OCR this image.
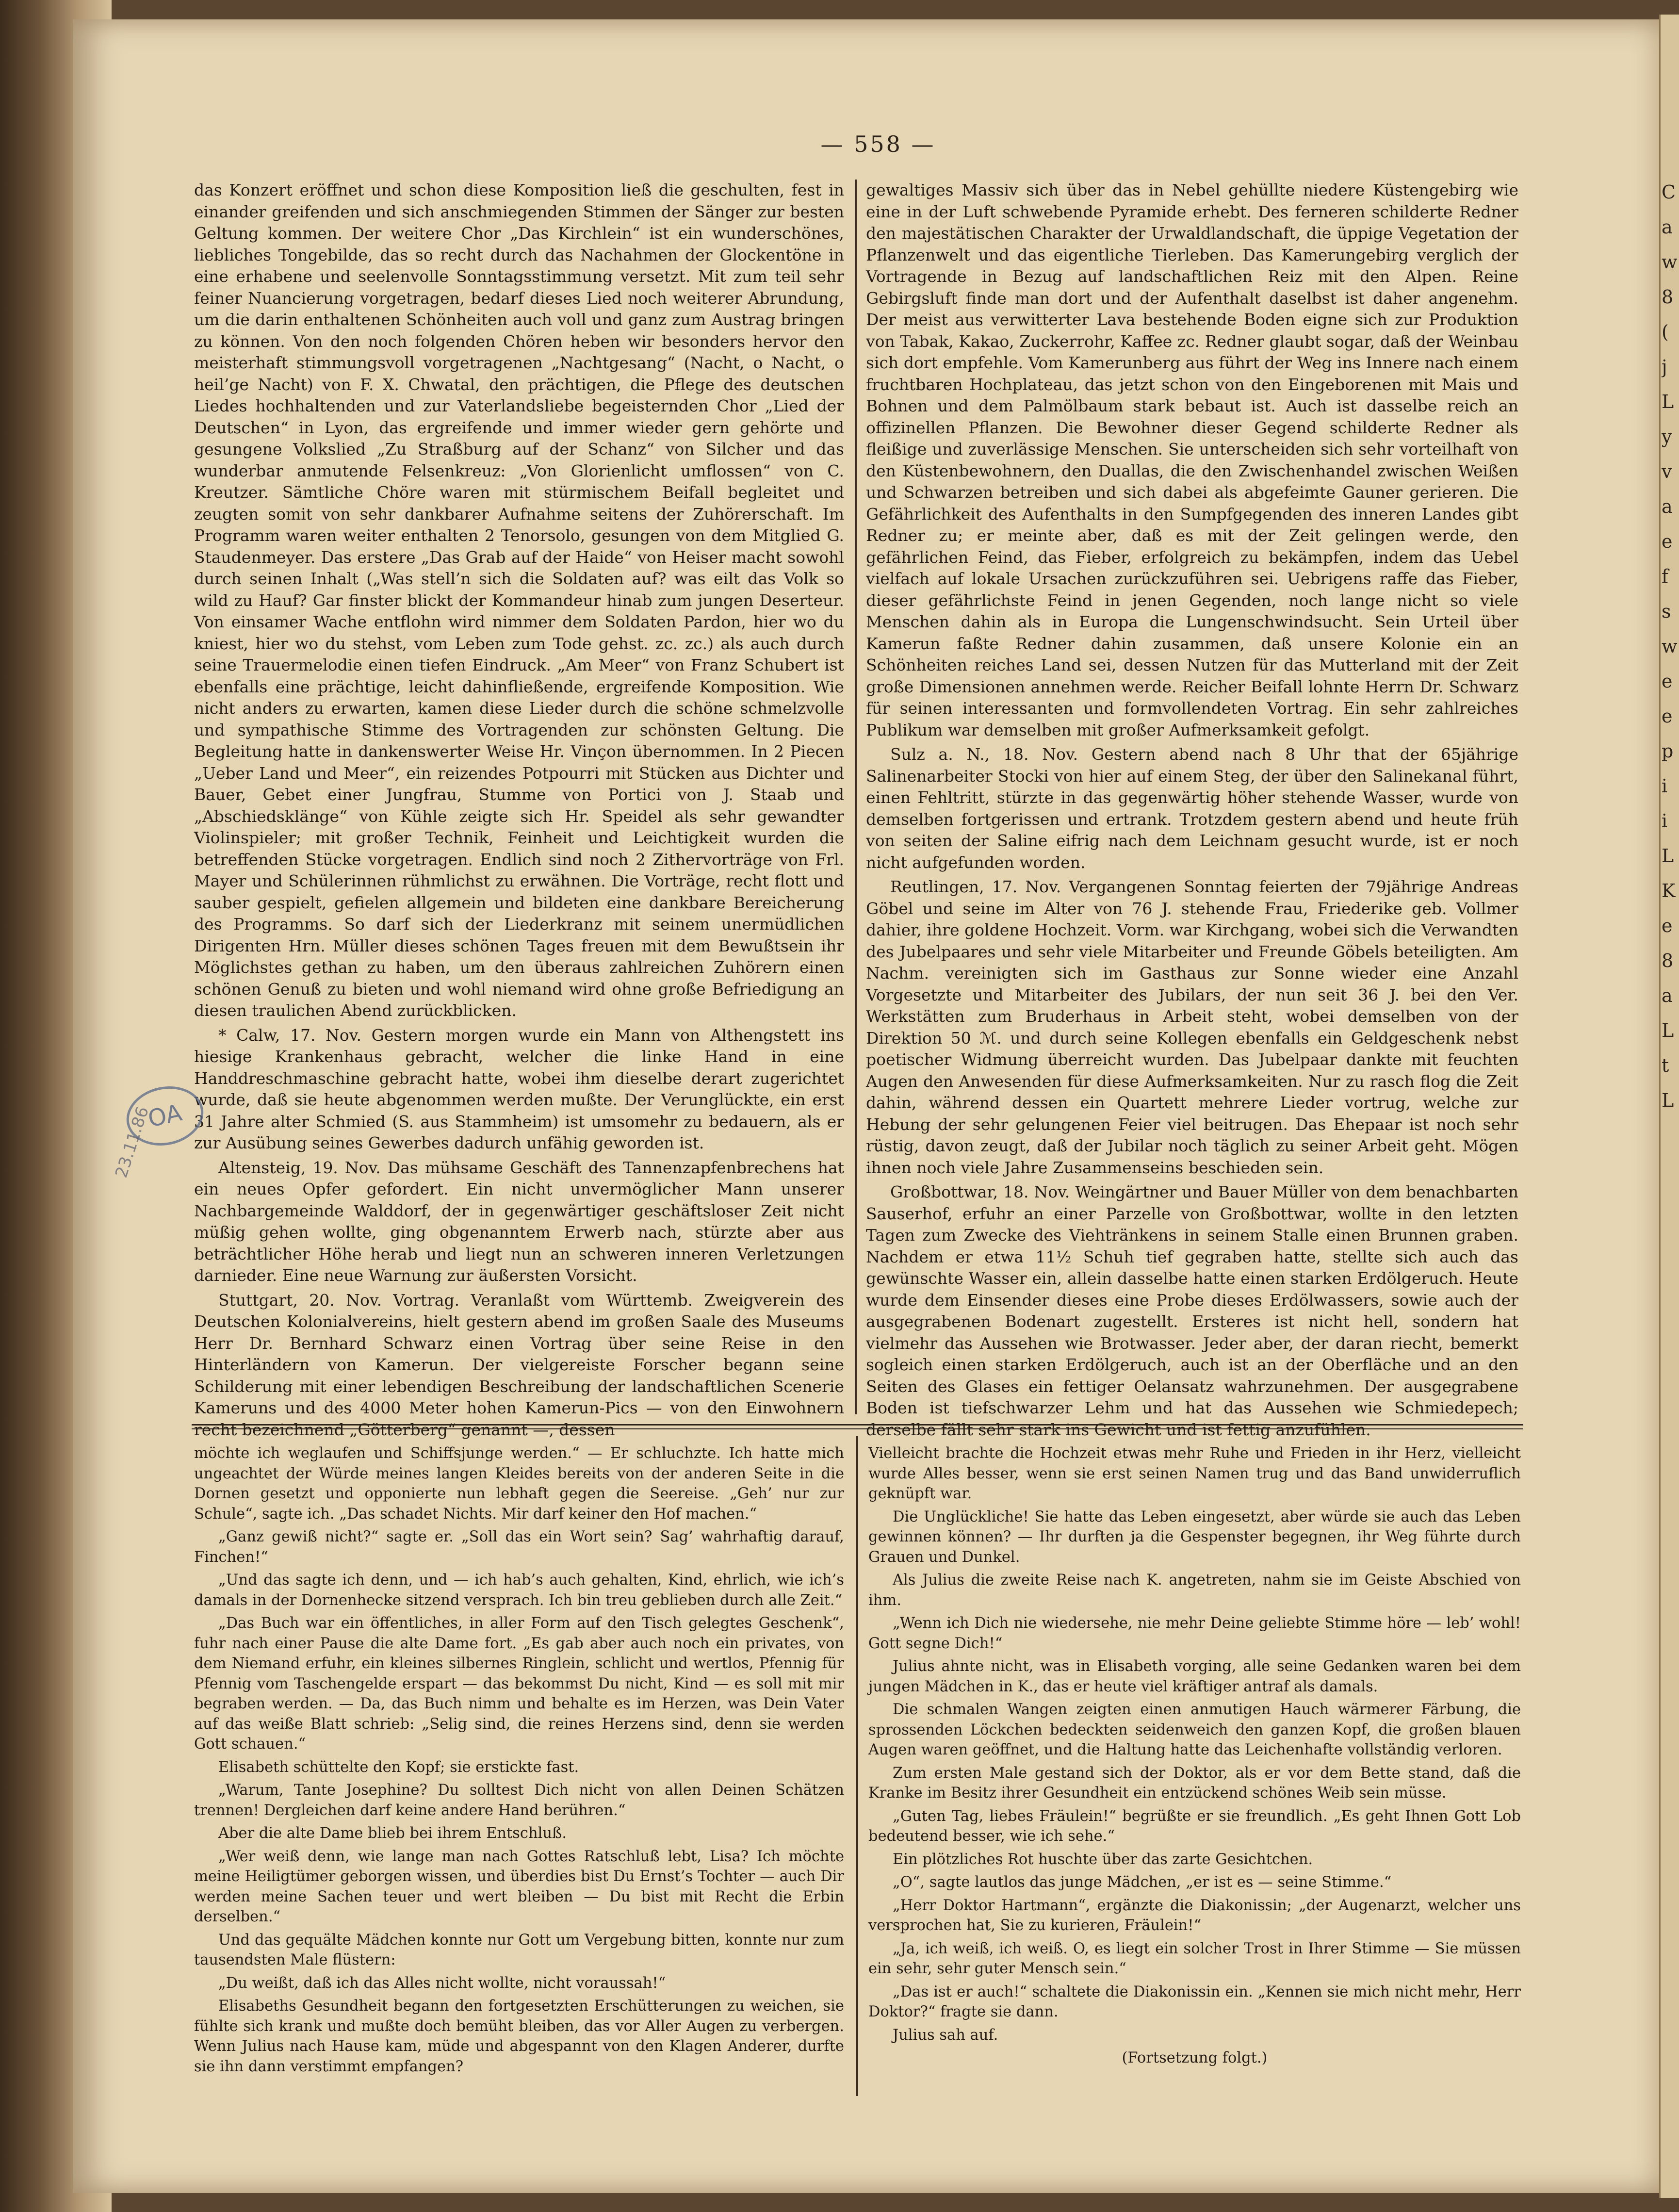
C a w 8 ( j L y v a e f s w e e p i i L K e 8 a L t L
— 558 —

das Konzert eröffnet und schon diese Komposition ließ die geschulten, fest in einander greifenden und sich anschmiegenden Stimmen der Sänger zur besten Geltung kommen. Der weitere Chor „Das Kirchlein“ ist ein wunderschönes, liebliches Tongebilde, das so recht durch das Nachahmen der Glockentöne in eine erhabene und seelenvolle Sonntagsstimmung versetzt. Mit zum teil sehr feiner Nuancierung vorgetragen, bedarf dieses Lied noch weiterer Abrundung, um die darin enthaltenen Schönheiten auch voll und ganz zum Austrag bringen zu können. Von den noch folgenden Chören heben wir besonders hervor den meisterhaft stimmungsvoll vorgetragenen „Nachtgesang“ (Nacht, o Nacht, o heil’ge Nacht) von F. X. Chwatal, den prächtigen, die Pflege des deutschen Liedes hochhaltenden und zur Vaterlandsliebe begeisternden Chor „Lied der Deutschen“ in Lyon, das ergreifende und immer wieder gern gehörte und gesungene Volkslied „Zu Straßburg auf der Schanz“ von Silcher und das wunderbar anmutende Felsenkreuz: „Von Glorienlicht umflossen“ von C. Kreutzer. Sämtliche Chöre waren mit stürmischem Beifall begleitet und zeugten somit von sehr dankbarer Aufnahme seitens der Zuhörerschaft. Im Programm waren weiter enthalten 2 Tenorsolo, gesungen von dem Mitglied G. Staudenmeyer. Das erstere „Das Grab auf der Haide“ von Heiser macht sowohl durch seinen Inhalt („Was stell’n sich die Soldaten auf? was eilt das Volk so wild zu Hauf? Gar finster blickt der Kommandeur hinab zum jungen Deserteur. Von einsamer Wache entflohn wird nimmer dem Soldaten Pardon, hier wo du kniest, hier wo du stehst, vom Leben zum Tode gehst. zc. zc.) als auch durch seine Trauermelodie einen tiefen Eindruck. „Am Meer“ von Franz Schubert ist ebenfalls eine prächtige, leicht dahinfließende, ergreifende Komposition. Wie nicht anders zu erwarten, kamen diese Lieder durch die schöne schmelzvolle und sympathische Stimme des Vortragenden zur schönsten Geltung. Die Begleitung hatte in dankenswerter Weise Hr. Vinçon übernommen. In 2 Piecen „Ueber Land und Meer“, ein reizendes Potpourri mit Stücken aus Dichter und Bauer, Gebet einer Jungfrau, Stumme von Portici von J. Staab und „Abschiedsklänge“ von Kühle zeigte sich Hr. Speidel als sehr gewandter Violinspieler; mit großer Technik, Feinheit und Leichtigkeit wurden die betreffenden Stücke vorgetragen. Endlich sind noch 2 Zithervorträge von Frl. Mayer und Schülerinnen rühmlichst zu erwähnen. Die Vorträge, recht flott und sauber gespielt, gefielen allgemein und bildeten eine dankbare Bereicherung des Programms. So darf sich der Liederkranz mit seinem unermüdlichen Dirigenten Hrn. Müller dieses schönen Tages freuen mit dem Bewußtsein ihr Möglichstes gethan zu haben, um den überaus zahlreichen Zuhörern einen schönen Genuß zu bieten und wohl niemand wird ohne große Befriedigung an diesen traulichen Abend zurückblicken.

* Calw, 17. Nov. Gestern morgen wurde ein Mann von Althengstett ins hiesige Krankenhaus gebracht, welcher die linke Hand in eine Handdreschmaschine gebracht hatte, wobei ihm dieselbe derart zugerichtet wurde, daß sie heute abgenommen werden mußte. Der Verunglückte, ein erst 31 Jahre alter Schmied (S. aus Stammheim) ist umsomehr zu bedauern, als er zur Ausübung seines Gewerbes dadurch unfähig geworden ist.

Altensteig, 19. Nov. Das mühsame Geschäft des Tannenzapfenbrechens hat ein neues Opfer gefordert. Ein nicht unvermöglicher Mann unserer Nachbargemeinde Walddorf, der in gegenwärtiger geschäftsloser Zeit nicht müßig gehen wollte, ging obgenanntem Erwerb nach, stürzte aber aus beträchtlicher Höhe herab und liegt nun an schweren inneren Verletzungen darnieder. Eine neue Warnung zur äußersten Vorsicht.

Stuttgart, 20. Nov. Vortrag. Veranlaßt vom Württemb. Zweigverein des Deutschen Kolonialvereins, hielt gestern abend im großen Saale des Museums Herr Dr. Bernhard Schwarz einen Vortrag über seine Reise in den Hinterländern von Kamerun. Der vielgereiste Forscher begann seine Schilderung mit einer lebendigen Beschreibung der landschaftlichen Scenerie Kameruns und des 4000 Meter hohen Kamerun-Pics — von den Einwohnern recht bezeichnend „Götterberg“ genannt —, dessen

gewaltiges Massiv sich über das in Nebel gehüllte niedere Küstengebirg wie eine in der Luft schwebende Pyramide erhebt. Des ferneren schilderte Redner den majestätischen Charakter der Urwaldlandschaft, die üppige Vegetation der Pflanzenwelt und das eigentliche Tierleben. Das Kamerungebirg verglich der Vortragende in Bezug auf landschaftlichen Reiz mit den Alpen. Reine Gebirgsluft finde man dort und der Aufenthalt daselbst ist daher angenehm. Der meist aus verwitterter Lava bestehende Boden eigne sich zur Produktion von Tabak, Kakao, Zuckerrohr, Kaffee zc. Redner glaubt sogar, daß der Weinbau sich dort empfehle. Vom Kamerunberg aus führt der Weg ins Innere nach einem fruchtbaren Hochplateau, das jetzt schon von den Eingeborenen mit Mais und Bohnen und dem Palmölbaum stark bebaut ist. Auch ist dasselbe reich an offizinellen Pflanzen. Die Bewohner dieser Gegend schilderte Redner als fleißige und zuverlässige Menschen. Sie unterscheiden sich sehr vorteilhaft von den Küstenbewohnern, den Duallas, die den Zwischenhandel zwischen Weißen und Schwarzen betreiben und sich dabei als abgefeimte Gauner gerieren. Die Gefährlichkeit des Aufenthalts in den Sumpfgegenden des inneren Landes gibt Redner zu; er meinte aber, daß es mit der Zeit gelingen werde, den gefährlichen Feind, das Fieber, erfolgreich zu bekämpfen, indem das Uebel vielfach auf lokale Ursachen zurückzuführen sei. Uebrigens raffe das Fieber, dieser gefährlichste Feind in jenen Gegenden, noch lange nicht so viele Menschen dahin als in Europa die Lungenschwindsucht. Sein Urteil über Kamerun faßte Redner dahin zusammen, daß unsere Kolonie ein an Schönheiten reiches Land sei, dessen Nutzen für das Mutterland mit der Zeit große Dimensionen annehmen werde. Reicher Beifall lohnte Herrn Dr. Schwarz für seinen interessanten und formvollendeten Vortrag. Ein sehr zahlreiches Publikum war demselben mit großer Aufmerksamkeit gefolgt.

Sulz a. N., 18. Nov. Gestern abend nach 8 Uhr that der 65jährige Salinenarbeiter Stocki von hier auf einem Steg, der über den Salinekanal führt, einen Fehltritt, stürzte in das gegenwärtig höher stehende Wasser, wurde von demselben fortgerissen und ertrank. Trotzdem gestern abend und heute früh von seiten der Saline eifrig nach dem Leichnam gesucht wurde, ist er noch nicht aufgefunden worden.

Reutlingen, 17. Nov. Vergangenen Sonntag feierten der 79jährige Andreas Göbel und seine im Alter von 76 J. stehende Frau, Friederike geb. Vollmer dahier, ihre goldene Hochzeit. Vorm. war Kirchgang, wobei sich die Verwandten des Jubelpaares und sehr viele Mitarbeiter und Freunde Göbels beteiligten. Am Nachm. vereinigten sich im Gasthaus zur Sonne wieder eine Anzahl Vorgesetzte und Mitarbeiter des Jubilars, der nun seit 36 J. bei den Ver. Werkstätten zum Bruderhaus in Arbeit steht, wobei demselben von der Direktion 50 ℳ. und durch seine Kollegen ebenfalls ein Geldgeschenk nebst poetischer Widmung überreicht wurden. Das Jubelpaar dankte mit feuchten Augen den Anwesenden für diese Aufmerksamkeiten. Nur zu rasch flog die Zeit dahin, während dessen ein Quartett mehrere Lieder vortrug, welche zur Hebung der sehr gelungenen Feier viel beitrugen. Das Ehepaar ist noch sehr rüstig, davon zeugt, daß der Jubilar noch täglich zu seiner Arbeit geht. Mögen ihnen noch viele Jahre Zusammenseins beschieden sein.

Großbottwar, 18. Nov. Weingärtner und Bauer Müller von dem benachbarten Sauserhof, erfuhr an einer Parzelle von Großbottwar, wollte in den letzten Tagen zum Zwecke des Viehtränkens in seinem Stalle einen Brunnen graben. Nachdem er etwa 11½ Schuh tief gegraben hatte, stellte sich auch das gewünschte Wasser ein, allein dasselbe hatte einen starken Erdölgeruch. Heute wurde dem Einsender dieses eine Probe dieses Erdölwassers, sowie auch der ausgegrabenen Bodenart zugestellt. Ersteres ist nicht hell, sondern hat vielmehr das Aussehen wie Brotwasser. Jeder aber, der daran riecht, bemerkt sogleich einen starken Erdölgeruch, auch ist an der Oberfläche und an den Seiten des Glases ein fettiger Oelansatz wahrzunehmen. Der ausgegrabene Boden ist tiefschwarzer Lehm und hat das Aussehen wie Schmiedepech; derselbe fällt sehr stark ins Gewicht und ist fettig anzufühlen.

möchte ich weglaufen und Schiffsjunge werden.“ — Er schluchzte. Ich hatte mich ungeachtet der Würde meines langen Kleides bereits von der anderen Seite in die Dornen gesetzt und opponierte nun lebhaft gegen die Seereise. „Geh’ nur zur Schule“, sagte ich. „Das schadet Nichts. Mir darf keiner den Hof machen.“

„Ganz gewiß nicht?“ sagte er. „Soll das ein Wort sein? Sag’ wahrhaftig darauf, Finchen!“

„Und das sagte ich denn, und — ich hab’s auch gehalten, Kind, ehrlich, wie ich’s damals in der Dornenhecke sitzend versprach. Ich bin treu geblieben durch alle Zeit.“

„Das Buch war ein öffentliches, in aller Form auf den Tisch gelegtes Geschenk“, fuhr nach einer Pause die alte Dame fort. „Es gab aber auch noch ein privates, von dem Niemand erfuhr, ein kleines silbernes Ringlein, schlicht und wertlos, Pfennig für Pfennig vom Taschengelde erspart — das bekommst Du nicht, Kind — es soll mit mir begraben werden. — Da, das Buch nimm und behalte es im Herzen, was Dein Vater auf das weiße Blatt schrieb: „Selig sind, die reines Herzens sind, denn sie werden Gott schauen.“

Elisabeth schüttelte den Kopf; sie erstickte fast.

„Warum, Tante Josephine? Du solltest Dich nicht von allen Deinen Schätzen trennen! Dergleichen darf keine andere Hand berühren.“

Aber die alte Dame blieb bei ihrem Entschluß.

„Wer weiß denn, wie lange man nach Gottes Ratschluß lebt, Lisa? Ich möchte meine Heiligtümer geborgen wissen, und überdies bist Du Ernst’s Tochter — auch Dir werden meine Sachen teuer und wert bleiben — Du bist mit Recht die Erbin derselben.“

Und das gequälte Mädchen konnte nur Gott um Vergebung bitten, konnte nur zum tausendsten Male flüstern:

„Du weißt, daß ich das Alles nicht wollte, nicht voraussah!“

Elisabeths Gesundheit begann den fortgesetzten Erschütterungen zu weichen, sie fühlte sich krank und mußte doch bemüht bleiben, das vor Aller Augen zu verbergen. Wenn Julius nach Hause kam, müde und abgespannt von den Klagen Anderer, durfte sie ihn dann verstimmt empfangen?

Vielleicht brachte die Hochzeit etwas mehr Ruhe und Frieden in ihr Herz, vielleicht wurde Alles besser, wenn sie erst seinen Namen trug und das Band unwiderruflich geknüpft war.

Die Unglückliche! Sie hatte das Leben eingesetzt, aber würde sie auch das Leben gewinnen können? — Ihr durften ja die Gespenster begegnen, ihr Weg führte durch Grauen und Dunkel.

Als Julius die zweite Reise nach K. angetreten, nahm sie im Geiste Abschied von ihm.

„Wenn ich Dich nie wiedersehe, nie mehr Deine geliebte Stimme höre — leb’ wohl! Gott segne Dich!“

Julius ahnte nicht, was in Elisabeth vorging, alle seine Gedanken waren bei dem jungen Mädchen in K., das er heute viel kräftiger antraf als damals.

Die schmalen Wangen zeigten einen anmutigen Hauch wärmerer Färbung, die sprossenden Löckchen bedeckten seidenweich den ganzen Kopf, die großen blauen Augen waren geöffnet, und die Haltung hatte das Leichenhafte vollständig verloren.

Zum ersten Male gestand sich der Doktor, als er vor dem Bette stand, daß die Kranke im Besitz ihrer Gesundheit ein entzückend schönes Weib sein müsse.

„Guten Tag, liebes Fräulein!“ begrüßte er sie freundlich. „Es geht Ihnen Gott Lob bedeutend besser, wie ich sehe.“

Ein plötzliches Rot huschte über das zarte Gesichtchen.

„O“, sagte lautlos das junge Mädchen, „er ist es — seine Stimme.“

„Herr Doktor Hartmann“, ergänzte die Diakonissin; „der Augenarzt, welcher uns versprochen hat, Sie zu kurieren, Fräulein!“

„Ja, ich weiß, ich weiß. O, es liegt ein solcher Trost in Ihrer Stimme — Sie müssen ein sehr, sehr guter Mensch sein.“

„Das ist er auch!“ schaltete die Diakonissin ein. „Kennen sie mich nicht mehr, Herr Doktor?“ fragte sie dann.

Julius sah auf.

(Fortsetzung folgt.)

OA
23.11.86
